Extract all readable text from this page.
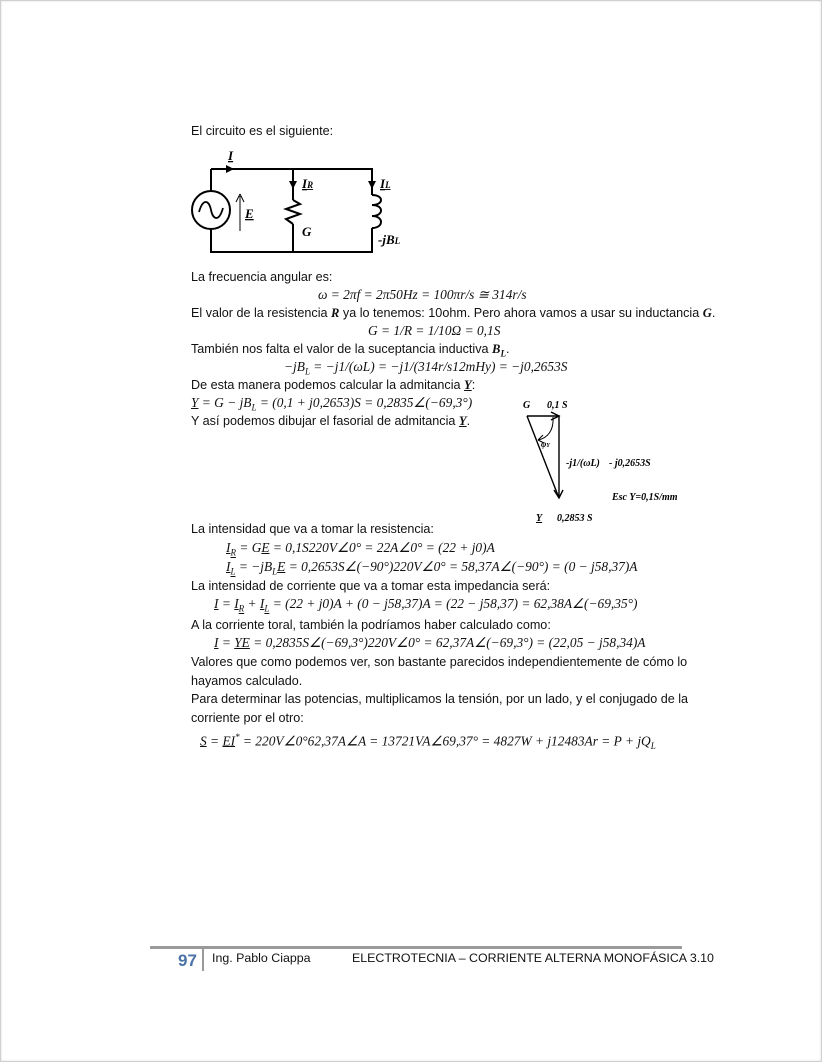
El circuito es el siguiente:
I
IR	IL
E
G
-jBL
La frecuencia angular es:
ω = 2πf = 2π50Hz = 100πr/s ≅ 314r/s
El valor de la resistencia R ya lo tenemos: 10ohm. Pero ahora vamos a usar su inductancia G.
G = 1/R = 1/10Ω = 0,1S
También nos falta el valor de la suceptancia inductiva $B_L$.
$-jB_L = -j1/(\omega L) = -j1/(314r/s12mHy) = -j0,2653S$
De esta manera podemos calcular la admitancia Y:
$Y = G - jB_L = (0,1 + j0,2653)S$ = 0,2835∠(−69,3°)
Y así podemos dibujar el fasorial de admitancia Y.
G 0,1 S
φY
-j1/(ωL) - j0,2653S
Esc Y=0,1S/mm
Y 0,2853 S
La intensidad que va a tomar la resistencia:
$I_R$ = GE = 0,1S220V∠0° = 22A∠0° = (22 + j0)A
$I_L = -jB_LE$ = 0,2653S∠(−90°)220V∠0° = 58,37A∠(−90°) = (0 − j58,37)A
La intensidad de corriente que va a tomar esta impedancia será:
$I = I_R + I_L = (22 + j0)A + (0 - j58,37)A = (22 - j58,37)$ = 62,38A∠(−69,35°)
A la corriente toral, también la podríamos haber calculado como:
I = YE = 0,2835S∠(−69,3°)220V∠0° = 62,37A∠(−69,3°) = (22,05 − j58,34)A
Valores que como podemos ver, son bastante parecidos independientemente de cómo lo
hayamos calculado.
Para determinar las potencias, multiplicamos la tensión, por un lado, y el conjugado de la
corriente por el otro:
S = EI* = 220V∠0°62,37A∠A = 13721VA∠69,37° = $4827W + j12483Ar = P + jQ_L$
97 Ing. Pablo Ciappa	ELECTROTECNIA – CORRIENTE ALTERNA MONOFÁSICA 3.10
